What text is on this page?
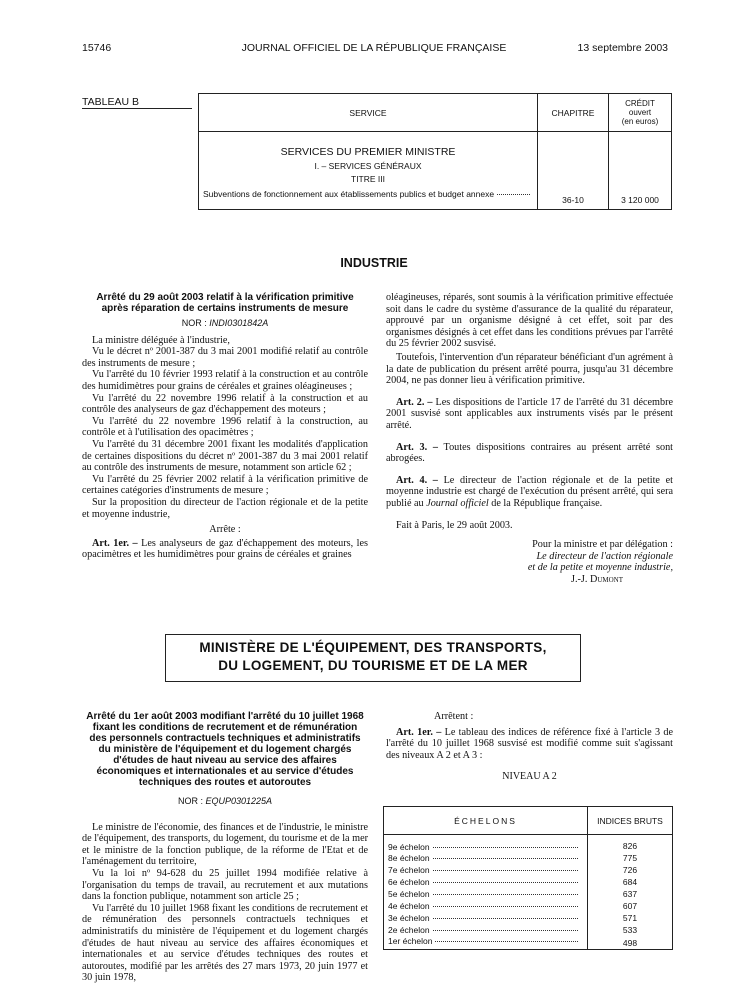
15746	JOURNAL OFFICIEL DE LA RÉPUBLIQUE FRANÇAISE	13 septembre 2003
TABLEAU B
SERVICE	CHAPITRE	CRÉDIT
ouvert
(en euros)

SERVICES DU PREMIER MINISTRE
I. – SERVICES GÉNÉRAUX
TITRE III
Subventions de fonctionnement aux établissements publics et budget annexe	36-10	3 120 000
INDUSTRIE
Arrêté du 29 août 2003 relatif à la vérification primitive après réparation de certains instruments de mesure
NOR : INDI0301842A

La ministre déléguée à l'industrie,

Vu le décret nº 2001-387 du 3 mai 2001 modifié relatif au contrôle des instruments de mesure ;

Vu l'arrêté du 10 février 1993 relatif à la construction et au contrôle des humidimètres pour grains de céréales et graines oléagineuses ;

Vu l'arrêté du 22 novembre 1996 relatif à la construction et au contrôle des analyseurs de gaz d'échappement des moteurs ;

Vu l'arrêté du 22 novembre 1996 relatif à la construction, au contrôle et à l'utilisation des opacimètres ;

Vu l'arrêté du 31 décembre 2001 fixant les modalités d'application de certaines dispositions du décret nº 2001-387 du 3 mai 2001 relatif au contrôle des instruments de mesure, notamment son article 62 ;

Vu l'arrêté du 25 février 2002 relatif à la vérification primitive de certaines catégories d'instruments de mesure ;

Sur la proposition du directeur de l'action régionale et de la petite et moyenne industrie,

Arrête :

Art. 1er. – Les analyseurs de gaz d'échappement des moteurs, les opacimètres et les humidimètres pour grains de céréales et graines

oléagineuses, réparés, sont soumis à la vérification primitive effectuée soit dans le cadre du système d'assurance de la qualité du réparateur, approuvé par un organisme désigné à cet effet, soit par des organismes désignés à cet effet dans les conditions prévues par l'arrêté du 25 février 2002 susvisé.

Toutefois, l'intervention d'un réparateur bénéficiant d'un agrément à la date de publication du présent arrêté pourra, jusqu'au 31 décembre 2004, ne pas donner lieu à vérification primitive.

Art. 2. – Les dispositions de l'article 17 de l'arrêté du 31 décembre 2001 susvisé sont applicables aux instruments visés par le présent arrêté.

Art. 3. – Toutes dispositions contraires au présent arrêté sont abrogées.

Art. 4. – Le directeur de l'action régionale et de la petite et moyenne industrie est chargé de l'exécution du présent arrêté, qui sera publié au Journal officiel de la République française.

Fait à Paris, le 29 août 2003.

Pour la ministre et par délégation :

Le directeur de l'action régionale

et de la petite et moyenne industrie,

J.-J. Dumont

MINISTÈRE DE L'ÉQUIPEMENT, DES TRANSPORTS,
DU LOGEMENT, DU TOURISME ET DE LA MER
Arrêté du 1er août 2003 modifiant l'arrêté du 10 juillet 1968 fixant les conditions de recrutement et de rémunération des personnels contractuels techniques et administratifs du ministère de l'équipement et du logement chargés d'études de haut niveau au service des affaires économiques et internationales et au service d'études techniques des routes et autoroutes
NOR : EQUP0301225A

Le ministre de l'économie, des finances et de l'industrie, le ministre de l'équipement, des transports, du logement, du tourisme et de la mer et le ministre de la fonction publique, de la réforme de l'Etat et de l'aménagement du territoire,

Vu la loi nº 94-628 du 25 juillet 1994 modifiée relative à l'organisation du temps de travail, au recrutement et aux mutations dans la fonction publique, notamment son article 25 ;

Vu l'arrêté du 10 juillet 1968 fixant les conditions de recrutement et de rémunération des personnels contractuels techniques et administratifs du ministère de l'équipement et du logement chargés d'études de haut niveau au service des affaires économiques et internationales et au service d'études techniques des routes et autoroutes, modifié par les arrêtés des 27 mars 1973, 20 juin 1977 et 30 juin 1978,

Arrêtent :

Art. 1er. – Le tableau des indices de référence fixé à l'article 3 de l'arrêté du 10 juillet 1968 susvisé est modifié comme suit s'agissant des niveaux A 2 et A 3 :

NIVEAU A 2

ÉCHELONS	INDICES BRUTS

9e échelon	826

8e échelon	775

7e échelon	726

6e échelon	684

5e échelon	637

4e échelon	607

3e échelon	571

2e échelon	533

1er échelon	498
